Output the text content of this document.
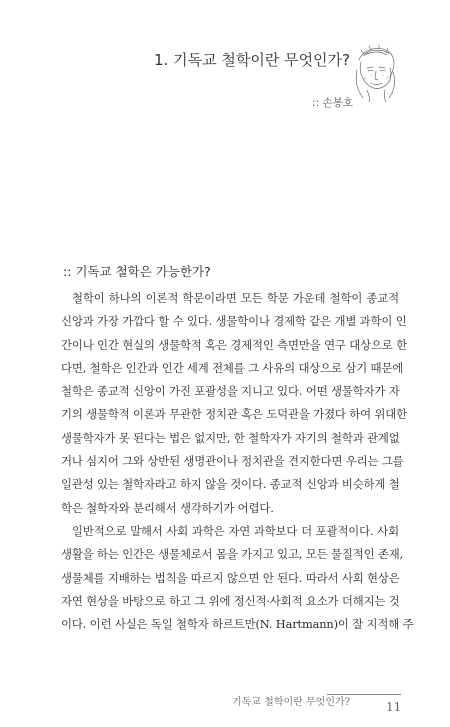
1. 기독교 철학이란 무엇인가?
:: 손봉호
:: 기독교 철학은 가능한가?
철학이 하나의 이론적 학문이라면 모든 학문 가운데 철학이 종교적
신앙과 가장 가깝다 할 수 있다. 생물학이나 경제학 같은 개별 과학이 인
간이나 인간 현실의 생물학적 혹은 경제적인 측면만을 연구 대상으로 한
다면, 철학은 인간과 인간 세계 전체를 그 사유의 대상으로 삼기 때문에
철학은 종교적 신앙이 가진 포괄성을 지니고 있다. 어떤 생물학자가 자
기의 생물학적 이론과 무관한 정치관 혹은 도덕관을 가졌다 하여 위대한
생물학자가 못 된다는 법은 없지만, 한 철학자가 자기의 철학과 관계없
거나 심지어 그와 상반된 생명관이나 정치관을 견지한다면 우리는 그를
일관성 있는 철학자라고 하지 않을 것이다. 종교적 신앙과 비슷하게 철
학은 철학자와 분리해서 생각하기가 어렵다.
일반적으로 말해서 사회 과학은 자연 과학보다 더 포괄적이다. 사회
생활을 하는 인간은 생물체로서 몸을 가지고 있고, 모든 물질적인 존재,
생물체를 지배하는 법칙을 따르지 않으면 안 된다. 따라서 사회 현상은
자연 현상을 바탕으로 하고 그 위에 정신적·사회적 요소가 더해지는 것
이다. 이런 사실은 독일 철학자 하르트만(N. Hartmann)이 잘 지적해 주
기독교 철학이란 무엇인가?	11
